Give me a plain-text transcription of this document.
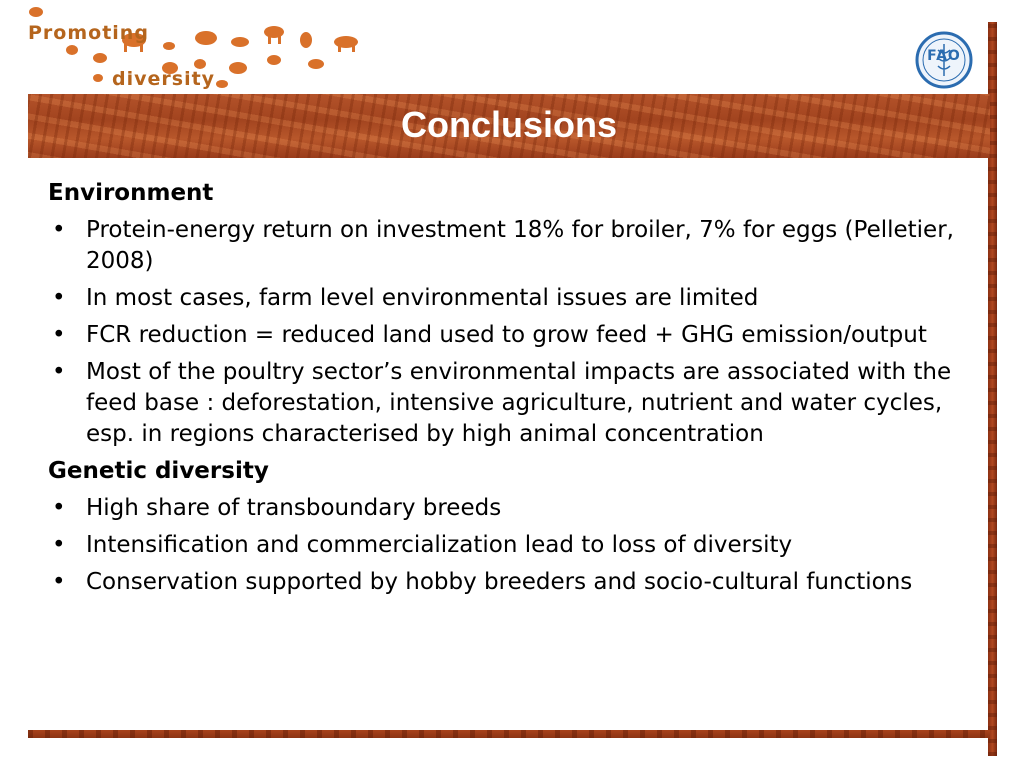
Promoting
diversity
FAO
Conclusions
Environment
• Protein-energy return on investment 18% for broiler, 7% for eggs (Pelletier, 2008)
• In most cases, farm level environmental issues are limited
• FCR reduction = reduced land used to grow feed + GHG emission/output
• Most of the poultry sector’s environmental impacts are associated with the feed base : deforestation, intensive agriculture, nutrient and water cycles, esp. in regions characterised by high animal concentration
Genetic diversity
• High share of transboundary breeds
• Intensification and commercialization lead to loss of diversity
• Conservation supported by hobby breeders and socio-cultural functions
